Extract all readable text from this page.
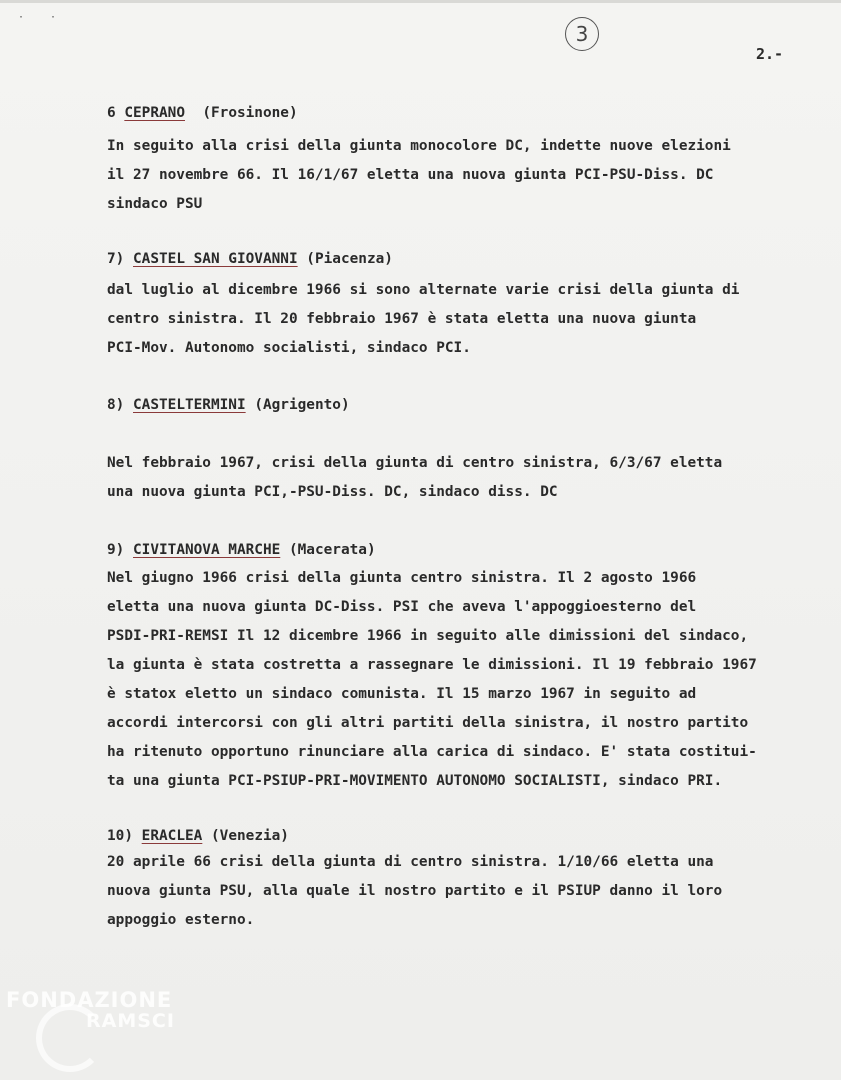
· ·
3
2.-
6 CEPRANO (Frosinone)
In seguito alla crisi della giunta monocolore DC, indette nuove elezioni
il 27 novembre 66. Il 16/1/67 eletta una nuova giunta PCI-PSU-Diss. DC
sindaco PSU
7) CASTEL SAN GIOVANNI (Piacenza)
dal luglio al dicembre 1966 si sono alternate varie crisi della giunta di
centro sinistra. Il 20 febbraio 1967 è stata eletta una nuova giunta
PCI-Mov. Autonomo socialisti, sindaco PCI.
8) CASTELTERMINI (Agrigento)
Nel febbraio 1967, crisi della giunta di centro sinistra, 6/3/67 eletta
una nuova giunta PCI,-PSU-Diss. DC, sindaco diss. DC
9) CIVITANOVA MARCHE (Macerata)
Nel giugno 1966 crisi della giunta centro sinistra. Il 2 agosto 1966
eletta una nuova giunta DC-Diss. PSI che aveva l'appoggioesterno del
PSDI-PRI-REMSI Il 12 dicembre 1966 in seguito alle dimissioni del sindaco,
la giunta è stata costretta a rassegnare le dimissioni. Il 19 febbraio 1967
è statox eletto un sindaco comunista. Il 15 marzo 1967 in seguito ad
accordi intercorsi con gli altri partiti della sinistra, il nostro partito
ha ritenuto opportuno rinunciare alla carica di sindaco. E' stata costitui-
ta una giunta PCI-PSIUP-PRI-MOVIMENTO AUTONOMO SOCIALISTI, sindaco PRI.
10) ERACLEA (Venezia)
20 aprile 66 crisi della giunta di centro sinistra. 1/10/66 eletta una
nuova giunta PSU, alla quale il nostro partito e il PSIUP danno il loro
appoggio esterno.
FONDAZIONE
RAMSCI
